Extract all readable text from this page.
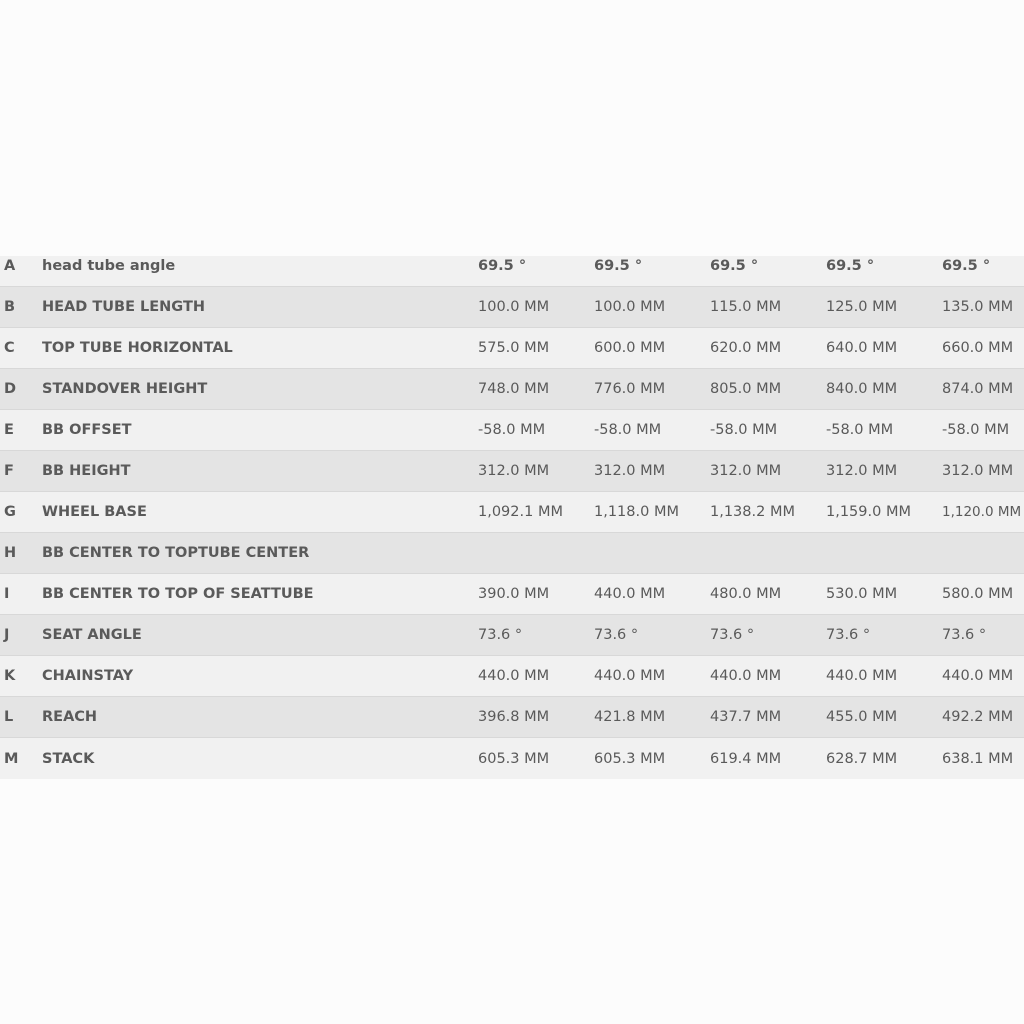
A head tube angle	69.5 °	69.5 °	69.5 °	69.5 °	69.5 °
B HEAD TUBE LENGTH	100.0 MM	100.0 MM	115.0 MM	125.0 MM	135.0 MM
C TOP TUBE HORIZONTAL	575.0 MM	600.0 MM	620.0 MM	640.0 MM	660.0 MM
D STANDOVER HEIGHT	748.0 MM	776.0 MM	805.0 MM	840.0 MM	874.0 MM
E BB OFFSET	-58.0 MM	-58.0 MM	-58.0 MM	-58.0 MM	-58.0 MM
F BB HEIGHT	312.0 MM	312.0 MM	312.0 MM	312.0 MM	312.0 MM
G WHEEL BASE	1,092.1 MM 1,118.0 MM 1,138.2 MM 1,159.0 MM 1,120.0 MM
H BB CENTER TO TOPTUBE CENTER
I BB CENTER TO TOP OF SEATTUBE	390.0 MM	440.0 MM	480.0 MM	530.0 MM	580.0 MM
J SEAT ANGLE	73.6 °	73.6 °	73.6 °	73.6 °	73.6 °
K CHAINSTAY	440.0 MM	440.0 MM	440.0 MM	440.0 MM	440.0 MM
L REACH	396.8 MM	421.8 MM	437.7 MM	455.0 MM	492.2 MM
M STACK	605.3 MM	605.3 MM	619.4 MM	628.7 MM	638.1 MM
